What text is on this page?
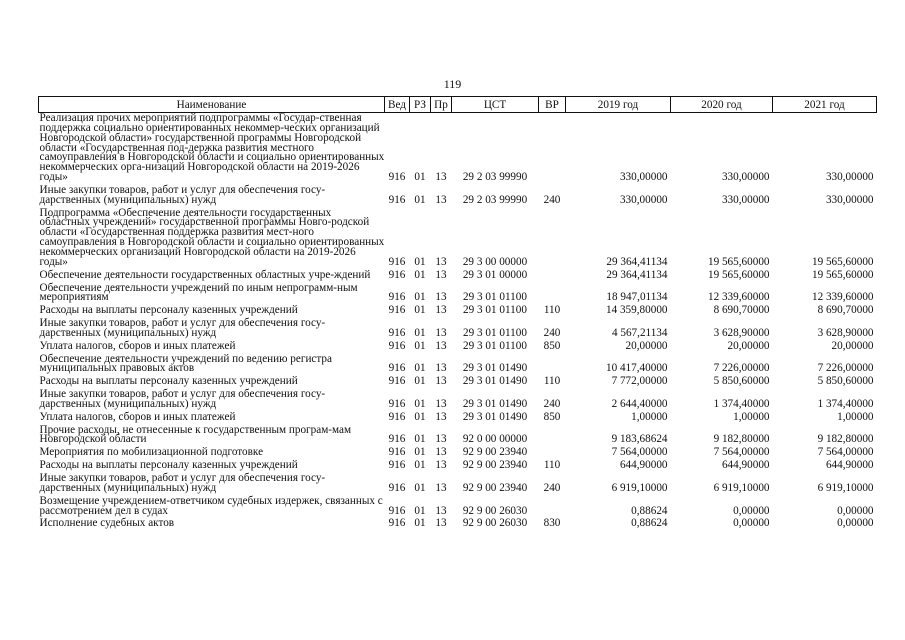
119
Наименование	Вед	РЗ	Пр	ЦСТ	ВР	2019 год	2020 год	2021 год
Реализация прочих мероприятий подпрограммы «Государ-ственная поддержка социально ориентированных некоммер-ческих организаций Новгородской области» государственной программы Новгородской области «Государственная под-держка развития местного самоуправления в Новгородской области и социально ориентированных некоммерческих орга-низаций Новгородской области на 2019-2026 годы»	916	01	13	29 2 03 99990		330,00000	330,00000	330,00000
Иные закупки товаров, работ и услуг для обеспечения госу-дарственных (муниципальных) нужд	916	01	13	29 2 03 99990	240	330,00000	330,00000	330,00000
Подпрограмма «Обеспечение деятельности государственных областных учреждений» государственной программы Новго-родской области «Государственная поддержка развития мест-ного самоуправления в Новгородской области и социально ориентированных некоммерческих организаций Новгородской области на 2019-2026 годы»	916	01	13	29 3 00 00000		29 364,41134	19 565,60000	19 565,60000
Обеспечение деятельности государственных областных учре-ждений	916	01	13	29 3 01 00000		29 364,41134	19 565,60000	19 565,60000
Обеспечение деятельности учреждений по иным непрограмм-ным мероприятиям	916	01	13	29 3 01 01100		18 947,01134	12 339,60000	12 339,60000
Расходы на выплаты персоналу казенных учреждений	916	01	13	29 3 01 01100	110	14 359,80000	8 690,70000	8 690,70000
Иные закупки товаров, работ и услуг для обеспечения госу-дарственных (муниципальных) нужд	916	01	13	29 3 01 01100	240	4 567,21134	3 628,90000	3 628,90000
Уплата налогов, сборов и иных платежей	916	01	13	29 3 01 01100	850	20,00000	20,00000	20,00000
Обеспечение деятельности учреждений по ведению регистра муниципальных правовых актов	916	01	13	29 3 01 01490		10 417,40000	7 226,00000	7 226,00000
Расходы на выплаты персоналу казенных учреждений	916	01	13	29 3 01 01490	110	7 772,00000	5 850,60000	5 850,60000
Иные закупки товаров, работ и услуг для обеспечения госу-дарственных (муниципальных) нужд	916	01	13	29 3 01 01490	240	2 644,40000	1 374,40000	1 374,40000
Уплата налогов, сборов и иных платежей	916	01	13	29 3 01 01490	850	1,00000	1,00000	1,00000
Прочие расходы, не отнесенные к государственным програм-мам Новгородской области	916	01	13	92 0 00 00000		9 183,68624	9 182,80000	9 182,80000
Мероприятия по мобилизационной подготовке	916	01	13	92 9 00 23940		7 564,00000	7 564,00000	7 564,00000
Расходы на выплаты персоналу казенных учреждений	916	01	13	92 9 00 23940	110	644,90000	644,90000	644,90000
Иные закупки товаров, работ и услуг для обеспечения госу-дарственных (муниципальных) нужд	916	01	13	92 9 00 23940	240	6 919,10000	6 919,10000	6 919,10000
Возмещение учреждением-ответчиком судебных издержек, связанных с рассмотрением дел в судах	916	01	13	92 9 00 26030		0,88624	0,00000	0,00000
Исполнение судебных актов	916	01	13	92 9 00 26030	830	0,88624	0,00000	0,00000
